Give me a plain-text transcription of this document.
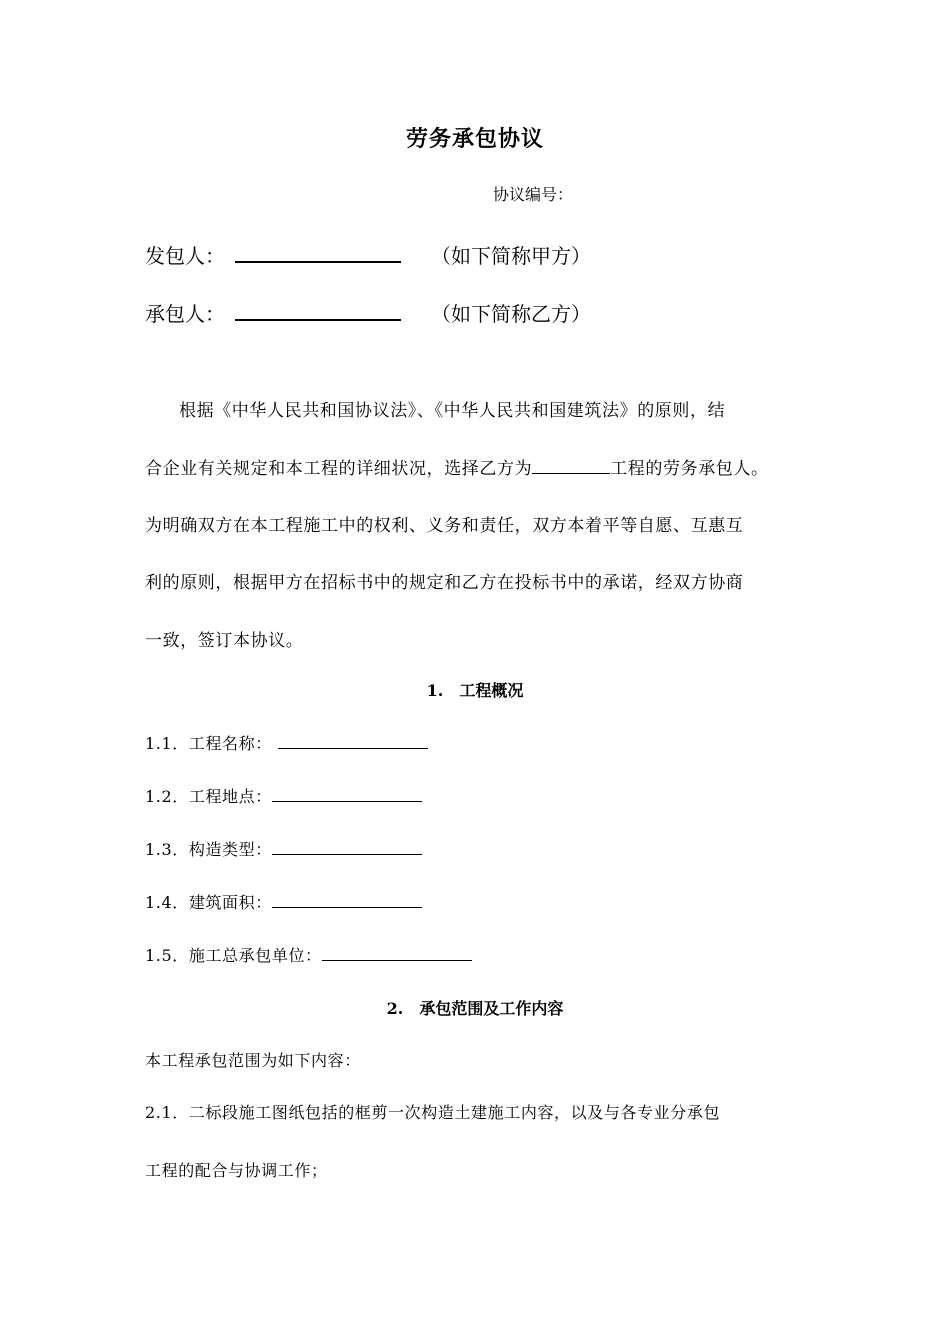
劳务承包协议
协议编号：
发包人：	（如下简称甲方）
承包人：	（如下简称乙方）
根据《中华人民共和国协议法》、《中华人民共和国建筑法》的原则，结
合企业有关规定和本工程的详细状况，选择乙方为	工程的劳务承包人。
为明确双方在本工程施工中的权利、义务和责任，双方本着平等自愿、互惠互
利的原则，根据甲方在招标书中的规定和乙方在投标书中的承诺，经双方协商
一致，签订本协议。
1. 工程概况
1.1．工程名称：
1.2．工程地点：
1.3．构造类型：
1.4．建筑面积：
1.5．施工总承包单位：
2. 承包范围及工作内容
本工程承包范围为如下内容：
2.1．二标段施工图纸包括的框剪一次构造土建施工内容，以及与各专业分承包
工程的配合与协调工作；
